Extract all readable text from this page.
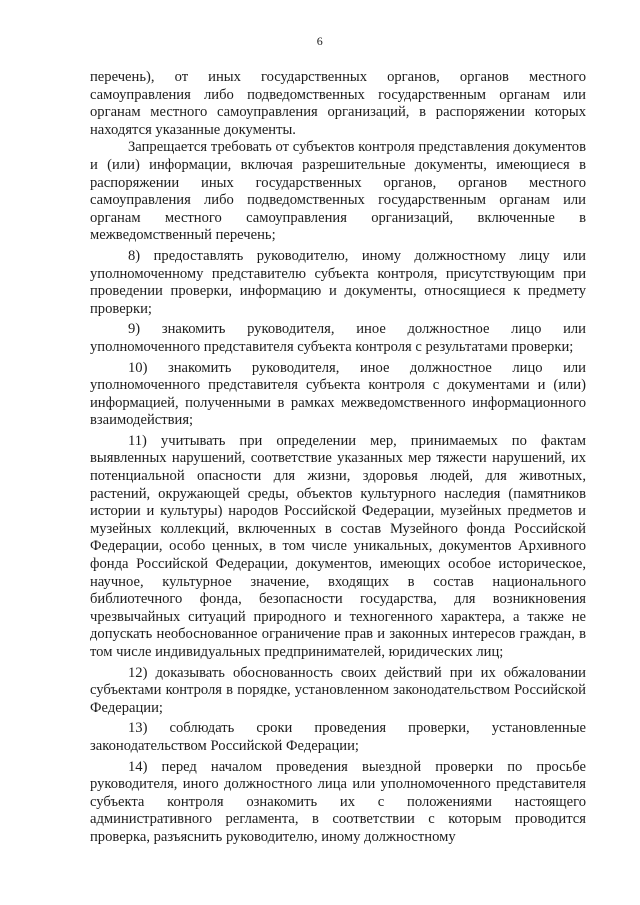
6

перечень), от иных государственных органов, органов местного самоуправления либо подведомственных государственным органам или органам местного самоуправления организаций, в распоряжении которых находятся указанные документы.

Запрещается требовать от субъектов контроля представления документов и (или) информации, включая разрешительные документы, имеющиеся в распоряжении иных государственных органов, органов местного самоуправления либо подведомственных государственным органам или органам местного самоуправления организаций, включенные в межведомственный перечень;

8) предоставлять руководителю, иному должностному лицу или уполномоченному представителю субъекта контроля, присутствующим при проведении проверки, информацию и документы, относящиеся к предмету проверки;

9) знакомить руководителя, иное должностное лицо или уполномоченного представителя субъекта контроля с результатами проверки;

10) знакомить руководителя, иное должностное лицо или уполномоченного представителя субъекта контроля с документами и (или) информацией, полученными в рамках межведомственного информационного взаимодействия;

11) учитывать при определении мер, принимаемых по фактам выявленных нарушений, соответствие указанных мер тяжести нарушений, их потенциальной опасности для жизни, здоровья людей, для животных, растений, окружающей среды, объектов культурного наследия (памятников истории и культуры) народов Российской Федерации, музейных предметов и музейных коллекций, включенных в состав Музейного фонда Российской Федерации, особо ценных, в том числе уникальных, документов Архивного фонда Российской Федерации, документов, имеющих особое историческое, научное, культурное значение, входящих в состав национального библиотечного фонда, безопасности государства, для возникновения чрезвычайных ситуаций природного и техногенного характера, а также не допускать необоснованное ограничение прав и законных интересов граждан, в том числе индивидуальных предпринимателей, юридических лиц;

12) доказывать обоснованность своих действий при их обжаловании субъектами контроля в порядке, установленном законодательством Российской Федерации;

13) соблюдать сроки проведения проверки, установленные законодательством Российской Федерации;

14) перед началом проведения выездной проверки по просьбе руководителя, иного должностного лица или уполномоченного представителя субъекта контроля ознакомить их с положениями настоящего административного регламента, в соответствии с которым проводится проверка, разъяснить руководителю, иному должностному
